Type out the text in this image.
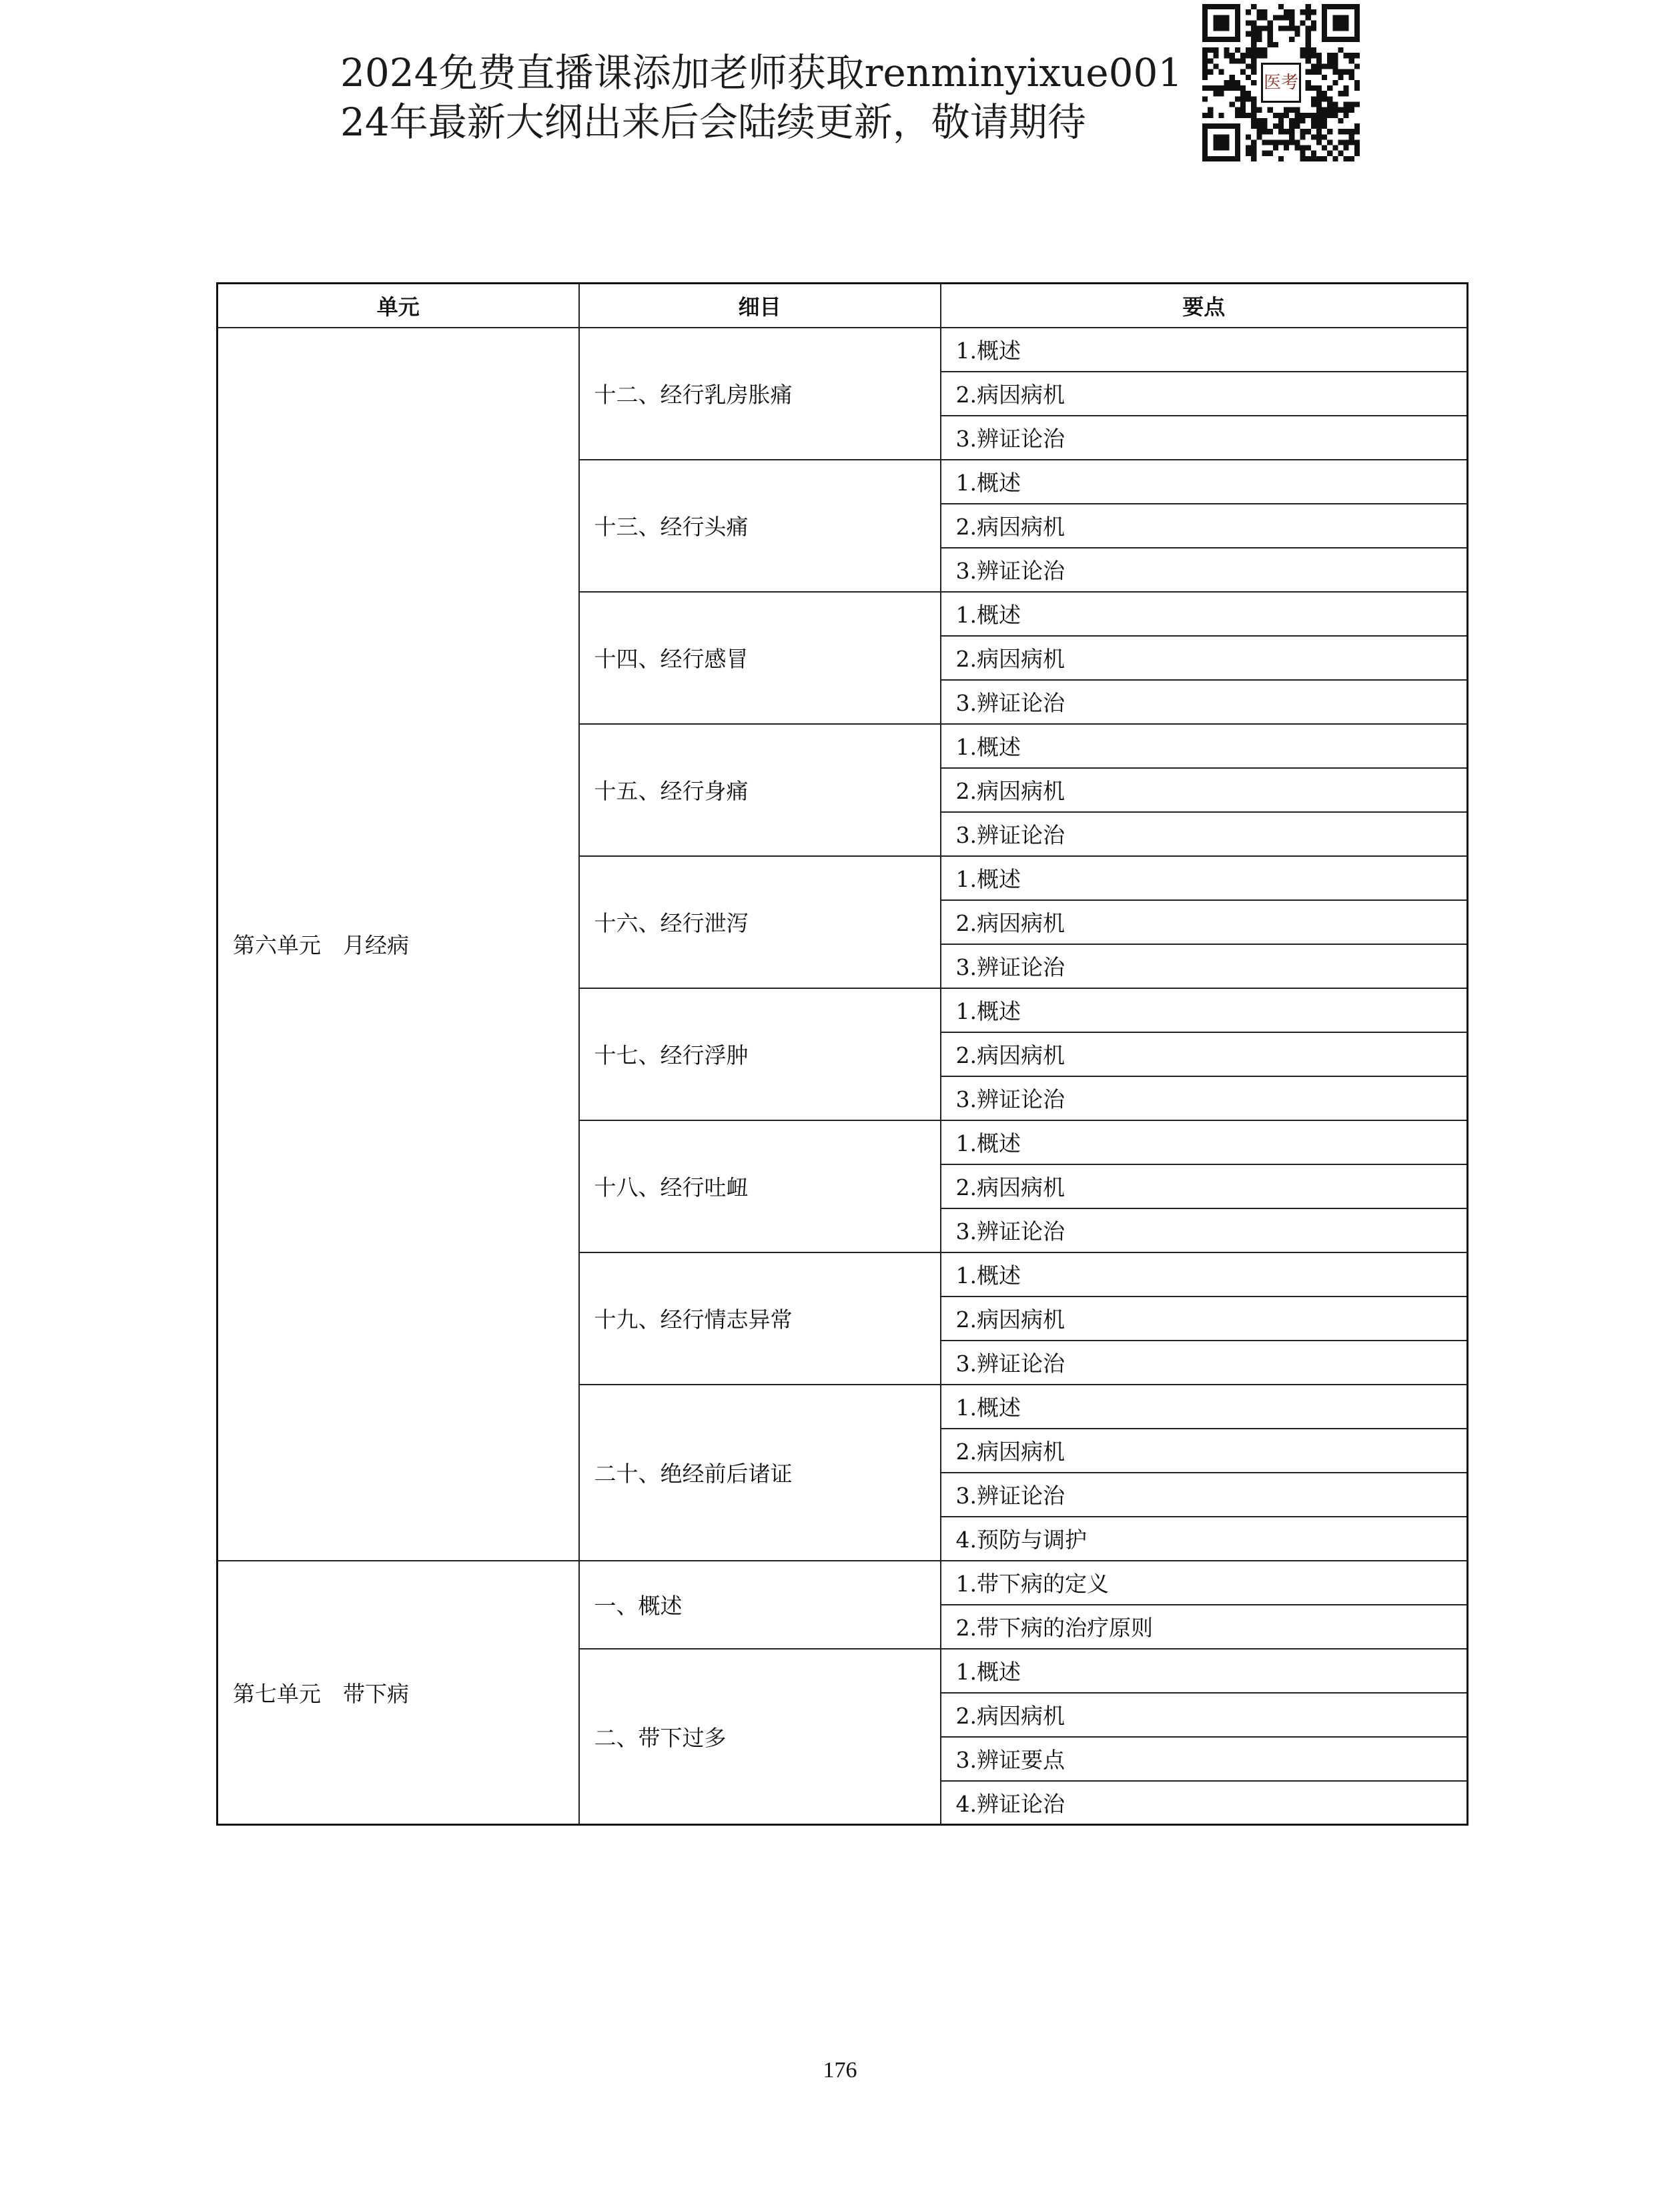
2024免费直播课添加老师获取renminyixue001
24年最新大纲出来后会陆续更新，敬请期待
医考
单元	细目	要点
第六单元　月经病	十二、经行乳房胀痛	1.概述
		2.病因病机
		3.辨证论治
	十三、经行头痛	1.概述
		2.病因病机
		3.辨证论治
	十四、经行感冒	1.概述
		2.病因病机
		3.辨证论治
	十五、经行身痛	1.概述
		2.病因病机
		3.辨证论治
	十六、经行泄泻	1.概述
		2.病因病机
		3.辨证论治
	十七、经行浮肿	1.概述
		2.病因病机
		3.辨证论治
	十八、经行吐衄	1.概述
		2.病因病机
		3.辨证论治
	十九、经行情志异常	1.概述
		2.病因病机
		3.辨证论治
	二十、绝经前后诸证	1.概述
		2.病因病机
		3.辨证论治
		4.预防与调护
第七单元　带下病	一、概述	1.带下病的定义
		2.带下病的治疗原则
	二、带下过多	1.概述
		2.病因病机
		3.辨证要点
		4.辨证论治
176
